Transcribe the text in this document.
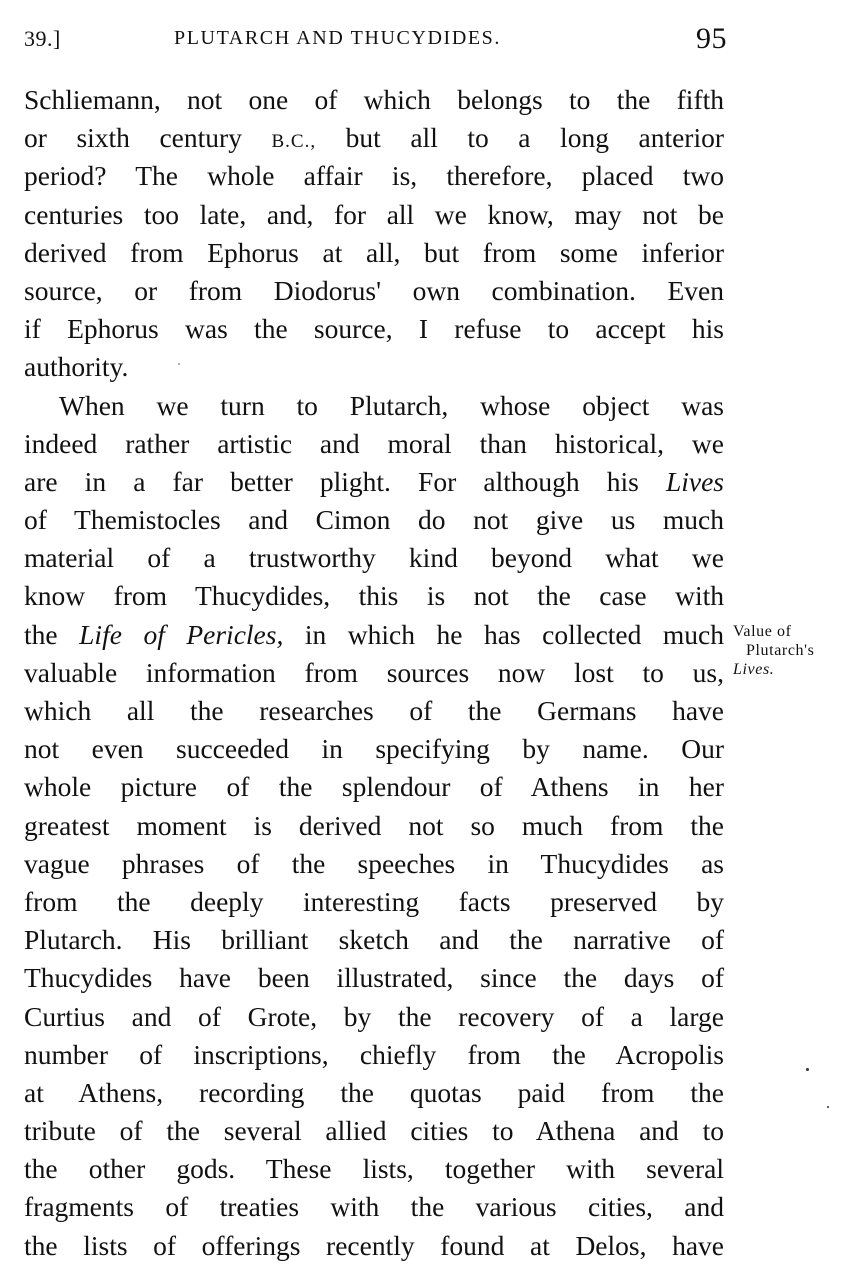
39.]	PLUTARCH AND THUCYDIDES.	95
Schliemann, not one of which belongs to the fifth
or sixth century B.C., but all to a long anterior
period? The whole affair is, therefore, placed two
centuries too late, and, for all we know, may not be
derived from Ephorus at all, but from some inferior
source, or from Diodorus' own combination. Even
if Ephorus was the source, I refuse to accept his
authority.
When we turn to Plutarch, whose object was
indeed rather artistic and moral than historical, we
are in a far better plight. For although his Lives
of Themistocles and Cimon do not give us much
material of a trustworthy kind beyond what we
know from Thucydides, this is not the case with
the Life of Pericles, in which he has collected much
valuable information from sources now lost to us,
which all the researches of the Germans have
not even succeeded in specifying by name. Our
whole picture of the splendour of Athens in her
greatest moment is derived not so much from the
vague phrases of the speeches in Thucydides as
from the deeply interesting facts preserved by
Plutarch. His brilliant sketch and the narrative of
Thucydides have been illustrated, since the days of
Curtius and of Grote, by the recovery of a large
number of inscriptions, chiefly from the Acropolis
at Athens, recording the quotas paid from the
tribute of the several allied cities to Athena and to
the other gods. These lists, together with several
fragments of treaties with the various cities, and
the lists of offerings recently found at Delos, have
Value of
Plutarch's
Lives.
